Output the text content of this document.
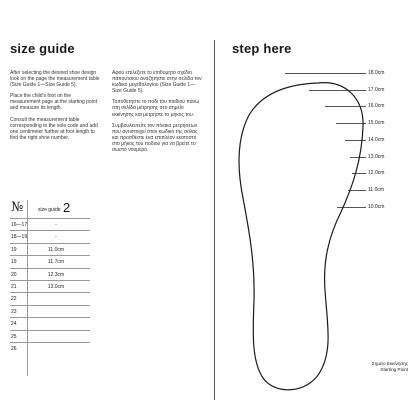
size guide
After selecting the desired shoe design look on the page the measurement table (Size Guide 1—Size Guide 5).
Place the child's foot on the measurement page at the starting point and measure its length.
Consult the measurement table corresponding to the sole code and add one centimeter further at foot length to find the right shoe number.
Αφού επιλέξετε το επιθυμητό σχέδιο παπουτσιού αναζητήστε στην σελίδα τον κωδικό μεγεθολογίου (Size Guide 1—Size Guide 5).
Τοποθετήστε το πόδι του παιδιού πάνω στη σελίδα μέτρησης στο σημείο εκκίνησης και μετρήστε το μήκος του.
Συμβουλευτείτε τον πίνακα μετρήσεων που αντιστοιχεί στον κωδικό της σόλας και προσθέστε ένα επιπλέον εκατοστό στο μήκος του ποδιού για να βρείτε το σωστό νούμερο.
№	size guide 2
16—17	-
18—19	-
19	11.0cm
19	11.7cm
20	12.3cm
21	13.0cm
22
23
24
25
26
step here
18.0cm
17.0cm
16.0cm
15.0cm
14.0cm
13.0cm
12.0cm
11.0cm
10.0cm
Σημείο Εκκίνησης
Starting Point
